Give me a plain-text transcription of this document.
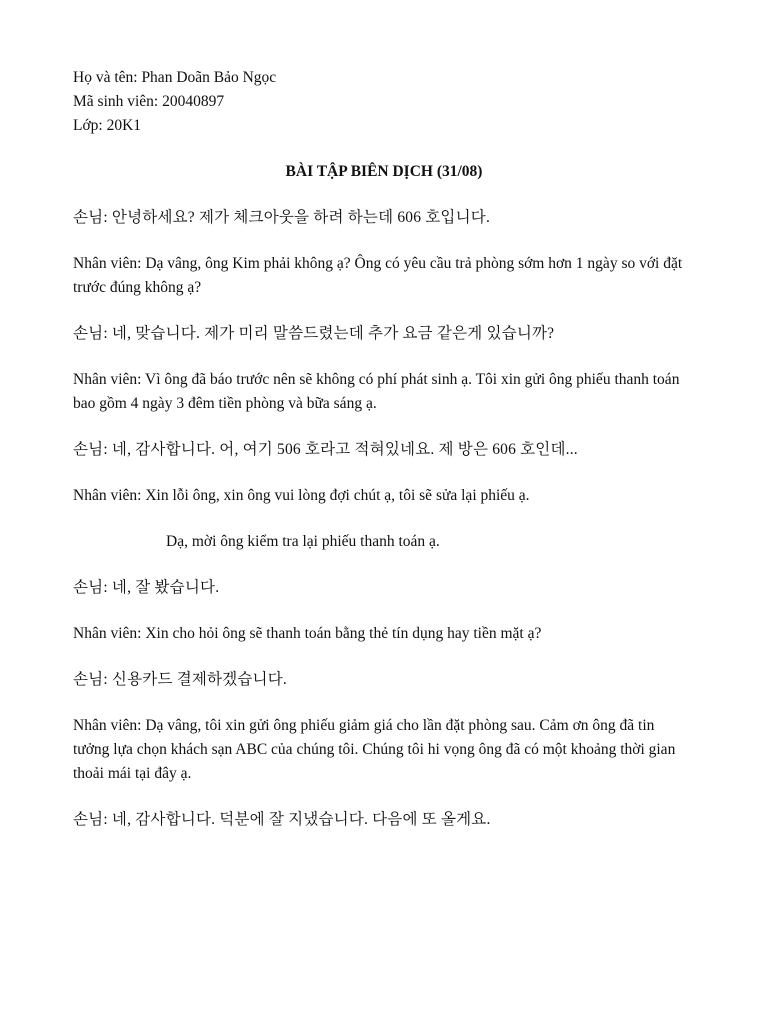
Họ và tên: Phan Doãn Bảo Ngọc

Mã sinh viên: 20040897

Lớp: 20K1

BÀI TẬP BIÊN DỊCH (31/08)

손님: 안녕하세요? 제가 체크아웃을 하려 하는데 606 호입니다.

Nhân viên: Dạ vâng, ông Kim phải không ạ? Ông có yêu cầu trả phòng sớm hơn 1 ngày so với đặt trước đúng không ạ?

손님: 네, 맞습니다. 제가 미리 말씀드렸는데 추가 요금 같은게 있습니까?

Nhân viên: Vì ông đã báo trước nên sẽ không có phí phát sinh ạ. Tôi xin gửi ông phiếu thanh toán bao gồm 4 ngày 3 đêm tiền phòng và bữa sáng ạ.

손님: 네, 감사합니다. 어, 여기 506 호라고 적혀있네요. 제 방은 606 호인데...

Nhân viên: Xin lỗi ông, xin ông vui lòng đợi chút ạ, tôi sẽ sửa lại phiếu ạ.

Dạ, mời ông kiểm tra lại phiếu thanh toán ạ.

손님: 네, 잘 봤습니다.

Nhân viên: Xin cho hỏi ông sẽ thanh toán bằng thẻ tín dụng hay tiền mặt ạ?

손님: 신용카드 결제하겠습니다.

Nhân viên: Dạ vâng, tôi xin gửi ông phiếu giảm giá cho lần đặt phòng sau. Cảm ơn ông đã tin tưởng lựa chọn khách sạn ABC của chúng tôi. Chúng tôi hi vọng ông đã có một khoảng thời gian thoải mái tại đây ạ.

손님: 네, 감사합니다. 덕분에 잘 지냈습니다. 다음에 또 올게요.
